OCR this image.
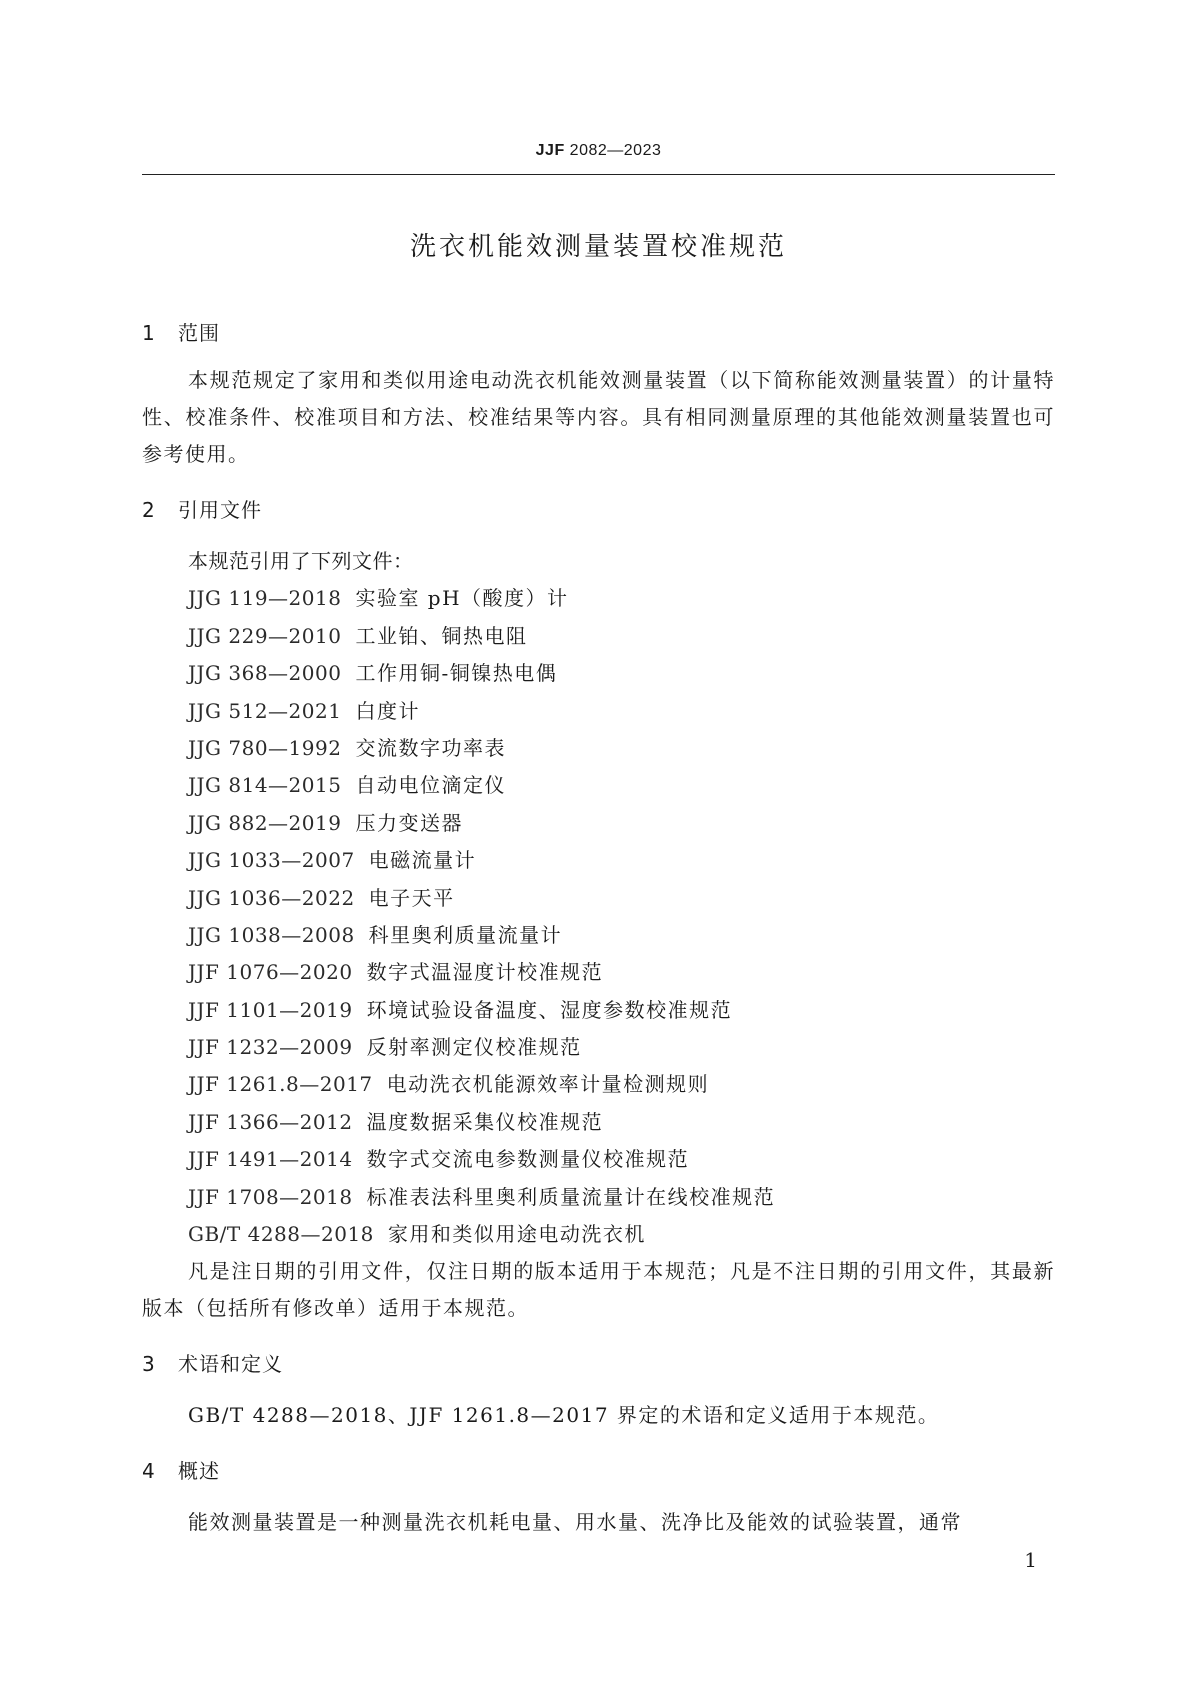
JJF 2082—2023
洗衣机能效测量装置校准规范
1 范围
本规范规定了家用和类似用途电动洗衣机能效测量装置（以下简称能效测量装置）的计量特性、校准条件、校准项目和方法、校准结果等内容。具有相同测量原理的其他能效测量装置也可参考使用。
2 引用文件
本规范引用了下列文件：
JJG 119—2018 实验室 pH（酸度）计
JJG 229—2010 工业铂、铜热电阻
JJG 368—2000 工作用铜-铜镍热电偶
JJG 512—2021 白度计
JJG 780—1992 交流数字功率表
JJG 814—2015 自动电位滴定仪
JJG 882—2019 压力变送器
JJG 1033—2007 电磁流量计
JJG 1036—2022 电子天平
JJG 1038—2008 科里奥利质量流量计
JJF 1076—2020 数字式温湿度计校准规范
JJF 1101—2019 环境试验设备温度、湿度参数校准规范
JJF 1232—2009 反射率测定仪校准规范
JJF 1261.8—2017 电动洗衣机能源效率计量检测规则
JJF 1366—2012 温度数据采集仪校准规范
JJF 1491—2014 数字式交流电参数测量仪校准规范
JJF 1708—2018 标准表法科里奥利质量流量计在线校准规范
GB/T 4288—2018 家用和类似用途电动洗衣机
凡是注日期的引用文件，仅注日期的版本适用于本规范；凡是不注日期的引用文件，其最新版本（包括所有修改单）适用于本规范。
3 术语和定义
GB/T 4288—2018、JJF 1261.8—2017 界定的术语和定义适用于本规范。
4 概述
能效测量装置是一种测量洗衣机耗电量、用水量、洗净比及能效的试验装置，通常
1
